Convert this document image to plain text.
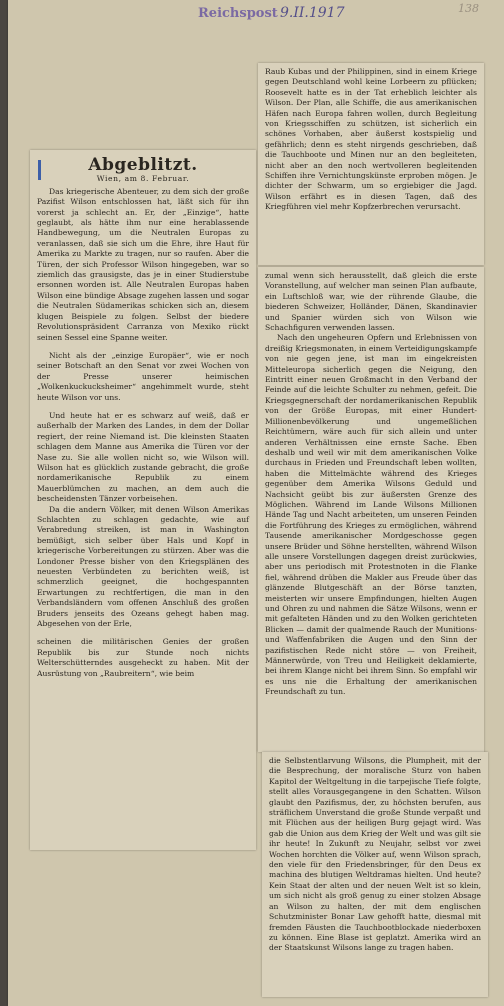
Reichspost 9.II.1917	138
Abgeblitzt.
Wien, am 8. Februar.

Das kriegerische Abenteuer, zu dem sich der große Pazifist Wilson entschlossen hat, läßt sich für ihn vorerst ja schlecht an. Er, der „Einzige“, hatte geglaubt, als hätte ihm nur eine herablassende Handbewegung, um die Neutralen Europas zu veranlassen, daß sie sich um die Ehre, ihre Haut für Amerika zu Markte zu tragen, nur so raufen. Aber die Türen, der sich Professor Wilson hingegeben, war so ziemlich das grausigste, das je in einer Studierstube ersonnen worden ist. Alle Neutralen Europas haben Wilson eine bündige Absage zugehen lassen und sogar die Neutralen Südamerikas schicken sich an, diesem klugen Beispiele zu folgen. Selbst der biedere Revolutionspräsident Carranza von Mexiko rückt seinen Sessel eine Spanne weiter.

Nicht als der „einzige Europäer“, wie er noch seiner Botschaft an den Senat vor zwei Wochen von der Presse unserer heimischen „Wolkenkuckucksheimer“ angehimmelt wurde, steht heute Wilson vor uns.

Und heute hat er es schwarz auf weiß, daß er außerhalb der Marken des Landes, in dem der Dollar regiert, der reine Niemand ist. Die kleinsten Staaten schlagen dem Manne aus Amerika die Türen vor der Nase zu. Sie alle wollen nicht so, wie Wilson will. Wilson hat es glücklich zustande gebracht, die große nordamerikanische Republik zu einem Mauerblümchen zu machen, an dem auch die bescheidensten Tänzer vorbeisehen.

Da die andern Völker, mit denen Wilson Amerikas Schlachten zu schlagen gedachte, wie auf Verabredung streiken, ist man in Washington bemüßigt, sich selber über Hals und Kopf in kriegerische Vorbereitungen zu stürzen. Aber was die Londoner Presse bisher von den Kriegsplänen des neuesten Verbündeten zu berichten weiß, ist schmerzlich geeignet, die hochgespannten Erwartungen zu rechtfertigen, die man in den Verbandsländern vom offenen Anschluß des großen Bruders jenseits des Ozeans gehegt haben mag. Abgesehen von der Erle,

scheinen die militärischen Genies der großen Republik bis zur Stunde noch nichts Welterschütterndes ausgeheckt zu haben. Mit der Ausrüstung von „Raubreitern“, wie beim

Raub Kubas und der Philippinen, sind in einem Kriege gegen Deutschland wohl keine Lorbeern zu pflücken; Roosevelt hatte es in der Tat erheblich leichter als Wilson. Der Plan, alle Schiffe, die aus amerikanischen Häfen nach Europa fahren wollen, durch Begleitung von Kriegsschiffen zu schützen, ist sicherlich ein schönes Vorhaben, aber äußerst kostspielig und gefährlich; denn es steht nirgends geschrieben, daß die Tauchboote und Minen nur an den begleiteten, nicht aber an den noch wertvolleren begleitenden Schiffen ihre Vernichtungskünste erproben mögen. Je dichter der Schwarm, um so ergiebiger die Jagd. Wilson erfährt es in diesen Tagen, daß des Kriegführen viel mehr Kopfzerbrechen verursacht.

zumal wenn sich herausstellt, daß gleich die erste Voranstellung, auf welcher man seinen Plan aufbaute, ein Luftschloß war, wie der rührende Glaube, die biederen Schweizer, Holländer, Dänen, Skandinavier und Spanier würden sich von Wilson wie Schachfiguren verwenden lassen.

Nach den ungeheuren Opfern und Erlebnissen von dreißig Kriegsmonaten, in einem Verteidigungskampfe von nie gegen jene, ist man im eingekreisten Mitteleuropa sicherlich gegen die Neigung, den Eintritt einer neuen Großmacht in den Verband der Feinde auf die leichte Schulter zu nehmen, gefeit. Die Kriegsgegnerschaft der nordamerikanischen Republik von der Größe Europas, mit einer Hundert-Millionenbevölkerung und ungemeßlichen Reichtümern, wäre auch für sich allein und unter anderen Verhältnissen eine ernste Sache. Eben deshalb und weil wir mit dem amerikanischen Volke durchaus in Frieden und Freundschaft leben wollten, haben die Mittelmächte während des Krieges gegenüber dem Amerika Wilsons Geduld und Nachsicht geübt bis zur äußersten Grenze des Möglichen. Während im Lande Wilsons Millionen Hände Tag und Nacht arbeiteten, um unseren Feinden die Fortführung des Krieges zu ermöglichen, während Tausende amerikanischer Mordgeschosse gegen unsere Brüder und Söhne herstellten, während Wilson alle unsere Vorstellungen dagegen dreist zurückwies, aber uns periodisch mit Protestnoten in die Flanke fiel, während drüben die Makler aus Freude über das glänzende Blutgeschäft an der Börse tanzten, meisterten wir unsere Empfindungen, hielten Augen und Ohren zu und nahmen die Sätze Wilsons, wenn er mit gefalteten Händen und zu den Wolken gerichteten Blicken — damit der qualmende Rauch der Munitions- und Waffenfabriken die Augen und den Sinn der pazifistischen Rede nicht störe — von Freiheit, Männerwürde, von Treu und Heiligkeit deklamierte, bei ihrem Klange nicht bei ihrem Sinn. So empfahl wir es uns nie die Erhaltung der amerikanischen Freundschaft zu tun.

die Selbstentlarvung Wilsons, die Plumpheit, mit der die Besprechung, der moralische Sturz von haben Kapitol der Weltgeltung in die tarpejische Tiefe folgte, stellt alles Vorausgegangene in den Schatten. Wilson glaubt den Pazifismus, der, zu höchsten berufen, aus sträflichem Unverstand die große Stunde verpaßt und mit Flüchen aus der heiligen Burg gejagt wird. Was gab die Union aus dem Krieg der Welt und was gilt sie ihr heute! In Zukunft zu Neujahr, selbst vor zwei Wochen horchten die Völker auf, wenn Wilson sprach, den viele für den Friedensbringer, für den Deus ex machina des blutigen Weltdramas hielten. Und heute? Kein Staat der alten und der neuen Welt ist so klein, um sich nicht als groß genug zu einer stolzen Absage an Wilson zu halten, der mit dem englischen Schutzminister Bonar Law gehofft hatte, diesmal mit fremden Fäusten die Tauchbootblockade niederboxen zu können. Eine Blase ist geplatzt. Amerika wird an der Staatskunst Wilsons lange zu tragen haben.
